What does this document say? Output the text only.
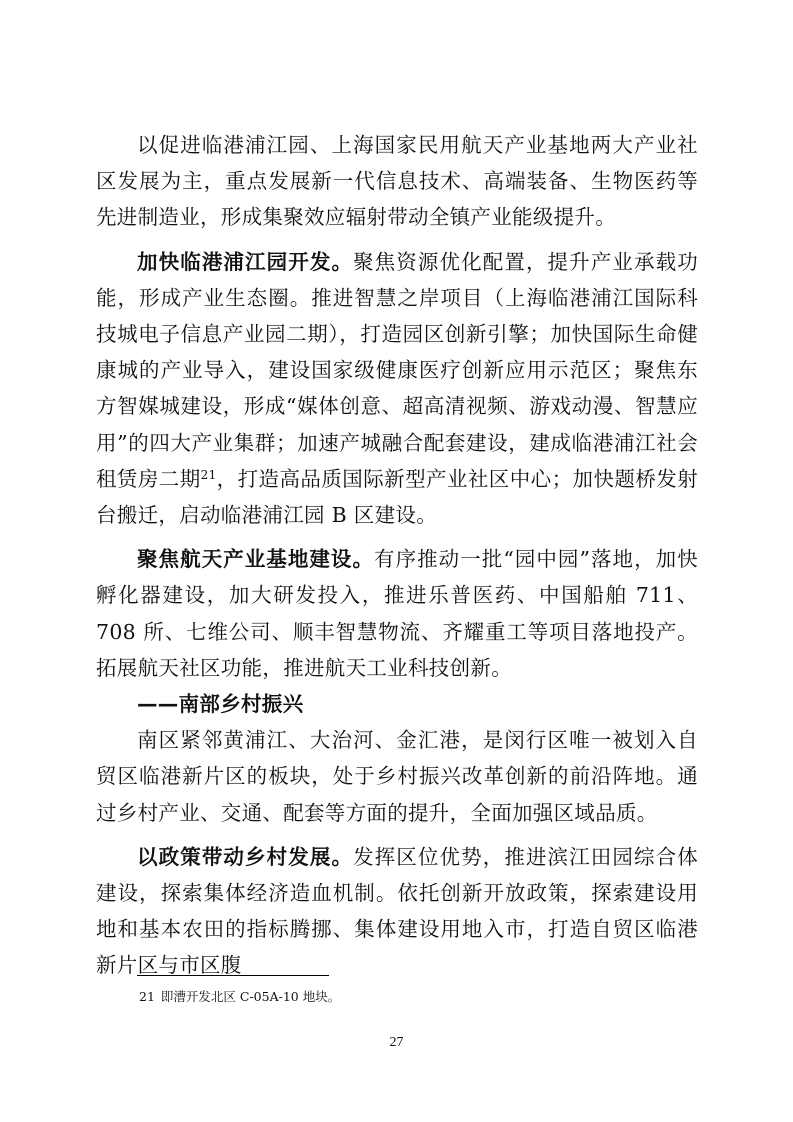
以促进临港浦江园、上海国家民用航天产业基地两大产业社区发展为主，重点发展新一代信息技术、高端装备、生物医药等先进制造业，形成集聚效应辐射带动全镇产业能级提升。

加快临港浦江园开发。聚焦资源优化配置，提升产业承载功能，形成产业生态圈。推进智慧之岸项目（上海临港浦江国际科技城电子信息产业园二期），打造园区创新引擎；加快国际生命健康城的产业导入，建设国家级健康医疗创新应用示范区；聚焦东方智媒城建设，形成“媒体创意、超高清视频、游戏动漫、智慧应用”的四大产业集群；加速产城融合配套建设，建成临港浦江社会租赁房二期$^{21}$，打造高品质国际新型产业社区中心；加快题桥发射台搬迁，启动临港浦江园 B 区建设。

聚焦航天产业基地建设。有序推动一批“园中园”落地，加快孵化器建设，加大研发投入，推进乐普医药、中国船舶 711、708 所、七维公司、顺丰智慧物流、齐耀重工等项目落地投产。拓展航天社区功能，推进航天工业科技创新。

——南部乡村振兴

南区紧邻黄浦江、大治河、金汇港，是闵行区唯一被划入自贸区临港新片区的板块，处于乡村振兴改革创新的前沿阵地。通过乡村产业、交通、配套等方面的提升，全面加强区域品质。

以政策带动乡村发展。发挥区位优势，推进滨江田园综合体建设，探索集体经济造血机制。依托创新开放政策，探索建设用地和基本农田的指标腾挪、集体建设用地入市，打造自贸区临港新片区与市区腹

21 即漕开发北区 C-05A-10 地块。
27
